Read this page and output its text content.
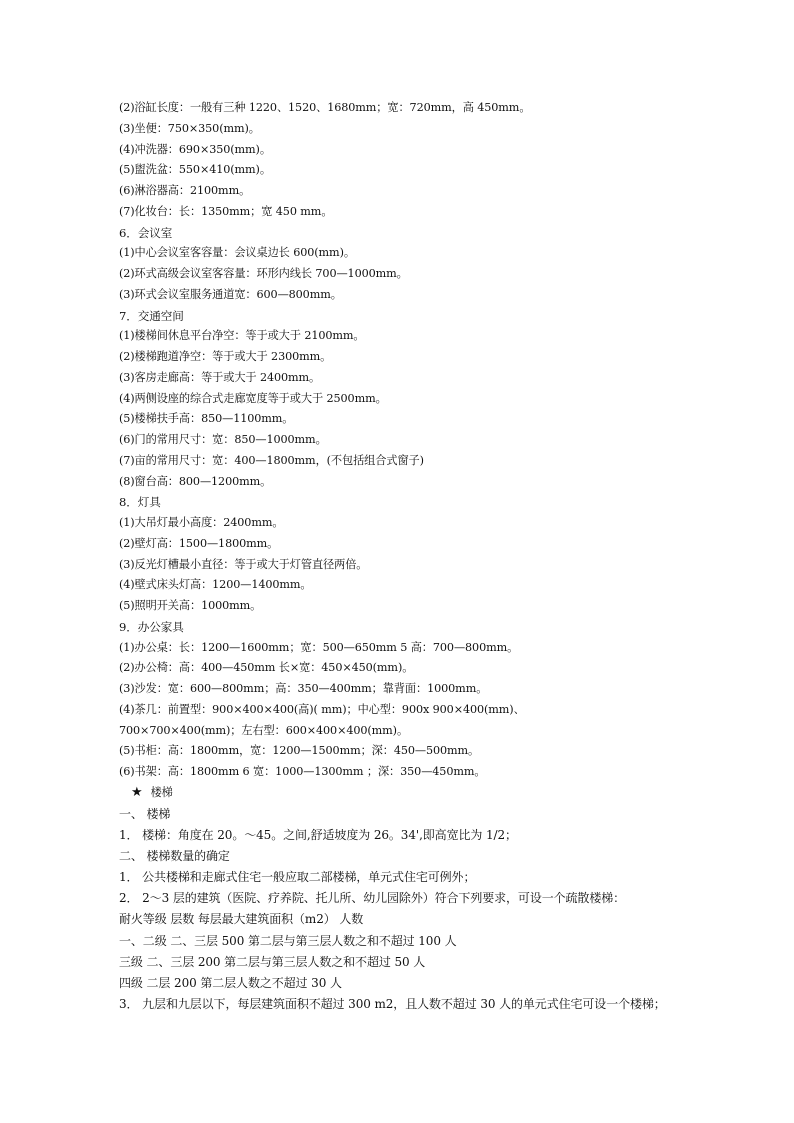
(2)浴缸长度：一般有三种 1220、1520、1680mm；宽：720mm，高 450mm。
(3)坐便：750×350(mm)。
(4)冲洗器：690×350(mm)。
(5)盥洗盆：550×410(mm)。
(6)淋浴器高：2100mm。
(7)化妆台：长：1350mm；宽 450 mm。
6．会议室
(1)中心会议室客容量：会议桌边长 600(mm)。
(2)环式高级会议室客容量：环形内线长 700—1000mm。
(3)环式会议室服务通道宽：600—800mm。
7．交通空间
(1)楼梯间休息平台净空：等于或大于 2100mm。
(2)楼梯跑道净空：等于或大于 2300mm。
(3)客房走廊高：等于或大于 2400mm。
(4)两侧设座的综合式走廊宽度等于或大于 2500mm。
(5)楼梯扶手高：850—1100mm。
(6)门的常用尺寸：宽：850—1000mm。
(7)亩的常用尺寸：宽：400—1800mm，(不包括组合式窗子)
(8)窗台高：800—1200mm。
8．灯具
(1)大吊灯最小高度：2400mm。
(2)壁灯高：1500—1800mm。
(3)反光灯槽最小直径：等于或大于灯管直径两倍。
(4)壁式床头灯高：1200—1400mm。
(5)照明开关高：1000mm。
9．办公家具
(1)办公桌：长：1200—1600mm；宽：500—650mm 5 高：700—800mm。
(2)办公椅：高：400—450mm 长×宽：450×450(mm)。
(3)沙发：宽：600—800mm；高：350—400mm；靠背面：1000mm。
(4)茶几：前置型：900×400×400(高)( mm)；中心型：900x 900×400(mm)、
700×700×400(mm)；左右型：600×400×400(mm)。
(5)书柜：高：1800mm，宽：1200—1500mm；深：450—500mm。
(6)书架：高：1800mm 6 宽：1000—1300mm ；深：350—450mm。
★ 楼梯
一、 楼梯
1． 楼梯：角度在 20。～45。之间,舒适坡度为 26。34',即高宽比为 1/2；
二、 楼梯数量的确定
1． 公共楼梯和走廊式住宅一般应取二部楼梯，单元式住宅可例外；
2． 2～3 层的建筑（医院、疗养院、托儿所、幼儿园除外）符合下列要求，可设一个疏散楼梯：
耐火等级 层数 每层最大建筑面积（m2） 人数
一、二级 二、三层 500 第二层与第三层人数之和不超过 100 人
三级 二、三层 200 第二层与第三层人数之和不超过 50 人
四级 二层 200 第二层人数之不超过 30 人
3． 九层和九层以下，每层建筑面积不超过 300 m2，且人数不超过 30 人的单元式住宅可设一个楼梯；
